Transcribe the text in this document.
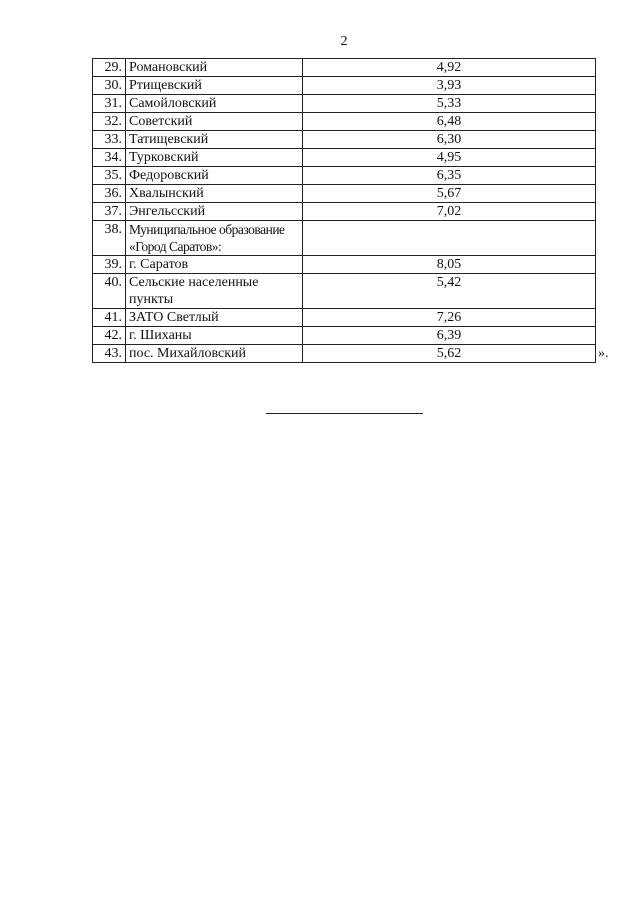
2
29.	Романовский	4,92
30.	Ртищевский	3,93
31.	Самойловский	5,33
32.	Советский	6,48
33.	Татищевский	6,30
34.	Турковский	4,95
35.	Федоровский	6,35
36.	Хвалынский	5,67
37.	Энгельсский	7,02
38.	Муниципальное образование «Город Саратов»:	
39.	г. Саратов	8,05
40.	Сельские населенные пункты	5,42
41.	ЗАТО Светлый	7,26
42.	г. Шиханы	6,39
43.	пос. Михайловский	5,62	».
